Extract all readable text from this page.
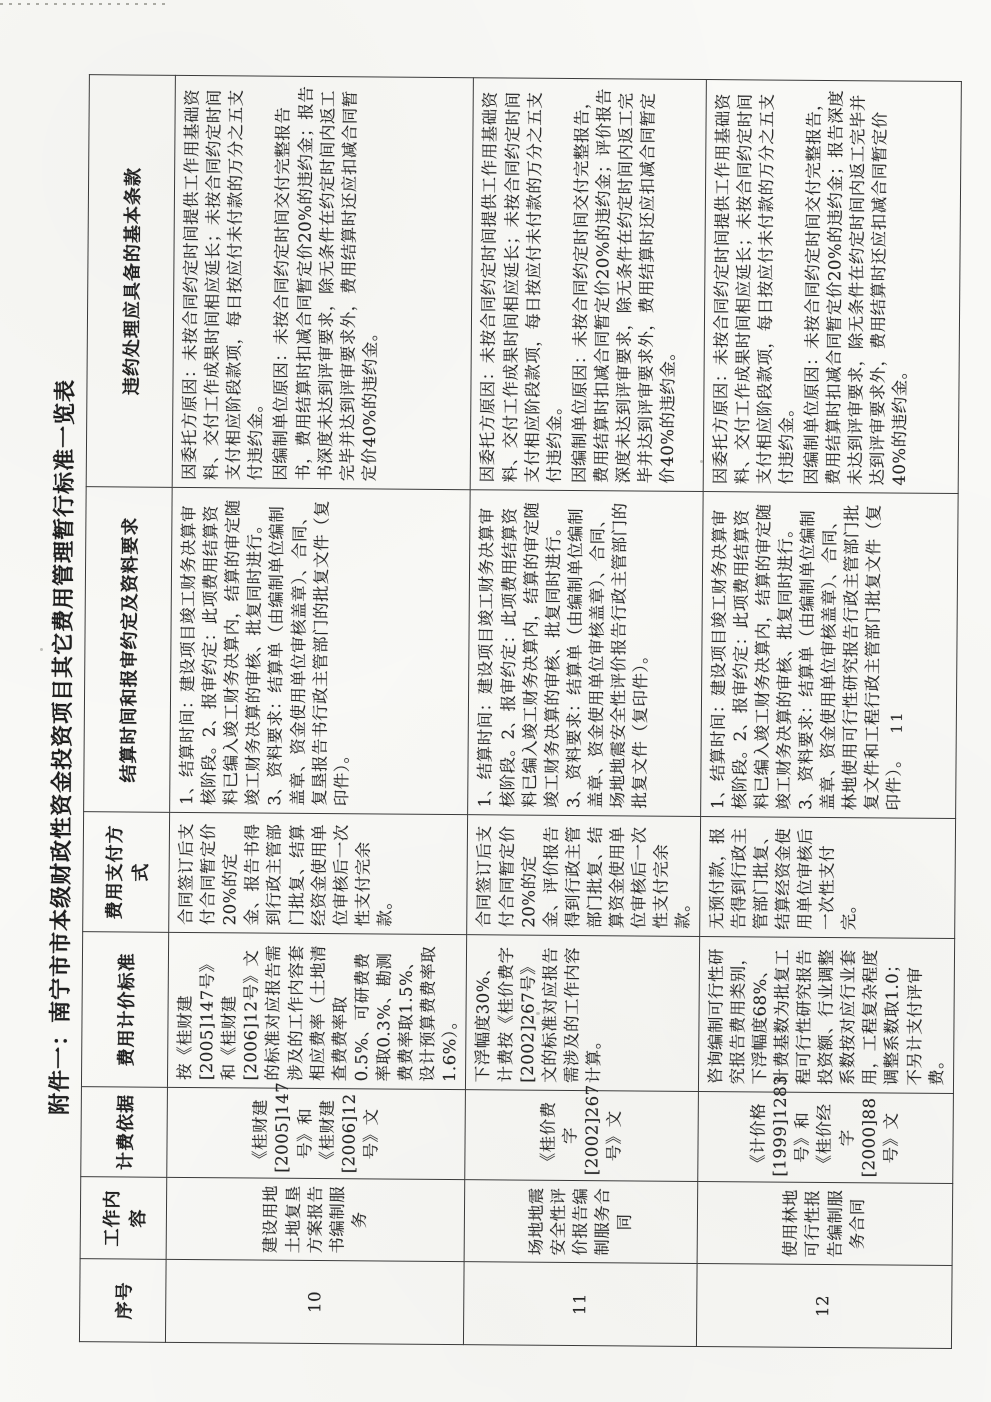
附件一：南宁市市本级财政性资金投资项目其它费用管理暂行标准一览表
序号	工作内容	计费依据	费用计价标准	费用支付方式	结算时间和报审约定及资料要求	违约处理应具备的基本条款
10	建设用地土地复垦方案报告书编制服务	《桂财建[2005]147号》和《桂财建[2006]12号》文	按《桂财建[2005]147号》和《桂财建[2006]12号》文的标准对应报告需涉及的工作内容套相应费率（土地清查费费率取0.5%、可研费费率取0.3%、勘测费费率取1.5%、设计预算费费率取1.6%）。	合同签订后支付合同暂定价20%的定金、报告书得到行政主管部门批复、结算经资金使用单位审核后一次性支付完余款。	1、结算时间：建设项目竣工财务决算审核阶段。2、报审约定：此项费用结算资料已编入竣工财务决算内，结算的审定随竣工财务决算的审核、批复同时进行。3、资料要求：结算单（由编制单位编制盖章、资金使用单位审核盖章）、合同、复垦报告书行政主管部门的批复文件（复印件）。	因委托方原因：未按合同约定时间提供工作用基础资料、交付工作成果时间相应延长；未按合同约定时间支付相应阶段款项，每日按应付未付款的万分之五支付违约金。 因编制单位原因：未按合同约定时间交付完整报告书，费用结算时扣减合同暂定价20%的违约金；报告书深度未达到评审要求，除无条件在约定时间内返工完毕并达到评审要求外，费用结算时还应扣减合同暂定价40%的违约金。

11	场地地震安全性评价报告编制服务合同	《桂价费字[2002]267号》文	下浮幅度30%、计费按《桂价费字[2002]267号》文的标准对应报告需涉及的工作内容计算。	合同签订后支付合同暂定价20%的定金、评价报告得到行政主管部门批复、结算资金使用单位审核后一次性支付完余款。	1、结算时间：建设项目竣工财务决算审核阶段。2、报审约定：此项费用结算资料已编入竣工财务决算内，结算的审定随竣工财务决算的审核、批复同时进行。3、资料要求：结算单（由编制单位编制盖章、资金使用单位审核盖章）、合同、场地地震安全性评价报告行政主管部门的批复文件（复印件）。	因委托方原因：未按合同约定时间提供工作用基础资料、交付工作成果时间相应延长；未按合同约定时间支付相应阶段款项，每日按应付未付款的万分之五支付违约金。 因编制单位原因：未按合同约定时间交付完整报告，费用结算时扣减合同暂定价20%的违约金；评价报告深度未达到评审要求，除无条件在约定时间内返工完毕并达到评审要求外，费用结算时还应扣减合同暂定价40%的违约金。

12	使用林地可行性报告编制服务合同	《计价格[1999]1283号》和《桂价经字[2000]88号》文	咨询编制可行性研究报告费用类别，下浮幅度68%、计费基数为批复工程可行性研究报告投资额、行业调整系数按对应行业套用，工程复杂程度调整系数取1.0；不另计支付评审费。	无预付款，报告得到行政主管部门批复、结算经资金使用单位审核后一次性支付完。	1、结算时间：建设项目竣工财务决算审核阶段。2、报审约定：此项费用结算资料已编入竣工财务决算内，结算的审定随竣工财务决算的审核、批复同时进行。3、资料要求：结算单（由编制单位编制盖章、资金使用单位审核盖章）、合同、林地使用可行性研究报告行政主管部门批复文件和工程行政主管部门批复文件（复印件）。	因委托方原因：未按合同约定时间提供工作用基础资料、交付工作成果时间相应延长；未按合同约定时间支付相应阶段款项，每日按应付未付款的万分之五支付违约金。 因编制单位原因：未按合同约定时间交付完整报告，费用结算时扣减合同暂定价20%的违约金；报告深度未达到评审要求，除无条件在约定时间内返工完毕并达到评审要求外，费用结算时还应扣减合同暂定价40%的违约金。

11
